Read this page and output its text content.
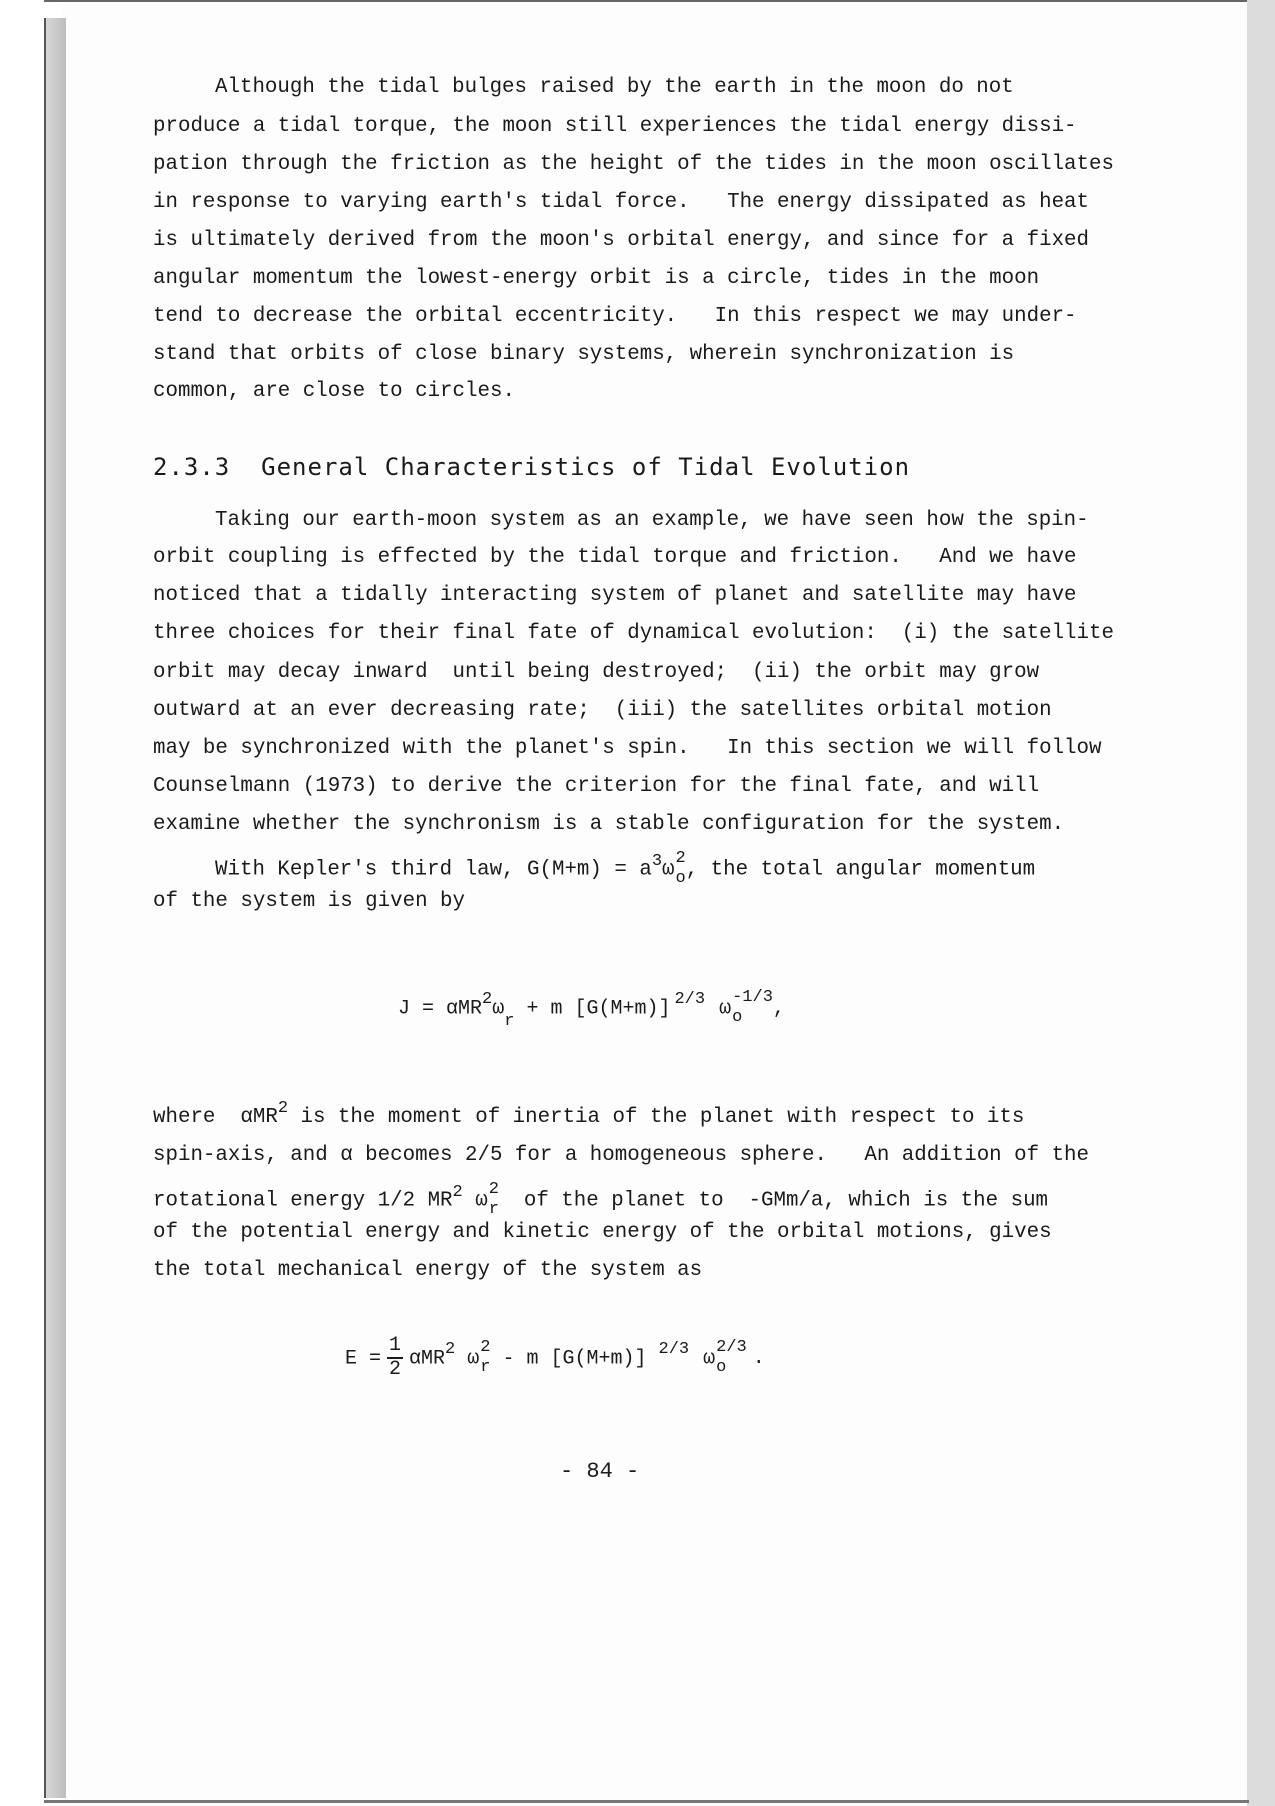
Although the tidal bulges raised by the earth in the moon do not
produce a tidal torque, the moon still experiences the tidal energy dissi-
pation through the friction as the height of the tides in the moon oscillates
in response to varying earth's tidal force.   The energy dissipated as heat
is ultimately derived from the moon's orbital energy, and since for a fixed
angular momentum the lowest-energy orbit is a circle, tides in the moon
tend to decrease the orbital eccentricity.   In this respect we may under-
stand that orbits of close binary systems, wherein synchronization is
common, are close to circles.
2.3.3  General Characteristics of Tidal Evolution
Taking our earth-moon system as an example, we have seen how the spin-
orbit coupling is effected by the tidal torque and friction.   And we have
noticed that a tidally interacting system of planet and satellite may have
three choices for their final fate of dynamical evolution:  (i) the satellite
orbit may decay inward  until being destroyed;  (ii) the orbit may grow
outward at an ever decreasing rate;  (iii) the satellites orbital motion
may be synchronized with the planet's spin.   In this section we will follow
Counselmann (1973) to derive the criterion for the final fate, and will
examine whether the synchronism is a stable configuration for the system.
With Kepler's third law, $G(M+m) = a^3\omega$ 2
o , the total angular momentum
of the system is given by
$J = \alpha MR^2\omega_r + m$ [G(M+m)] $^{2/3}$ ω -1/3
o	,
where  αMR$^2$ is the moment of inertia of the planet with respect to its
spin-axis, and α becomes 2/5 for a homogeneous sphere.   An addition of the
rotational energy 1/2 $MR^2$ ω 2
r of the planet to  -GMm/a, which is the sum
of the potential energy and kinetic energy of the orbital motions, gives
the total mechanical energy of the system as
$E = \frac{1}{2} \alpha MR^2$ ω 2
r - m [G(M+m)] $^{2/3}$ ω 2/3
o	.
- 84 -
